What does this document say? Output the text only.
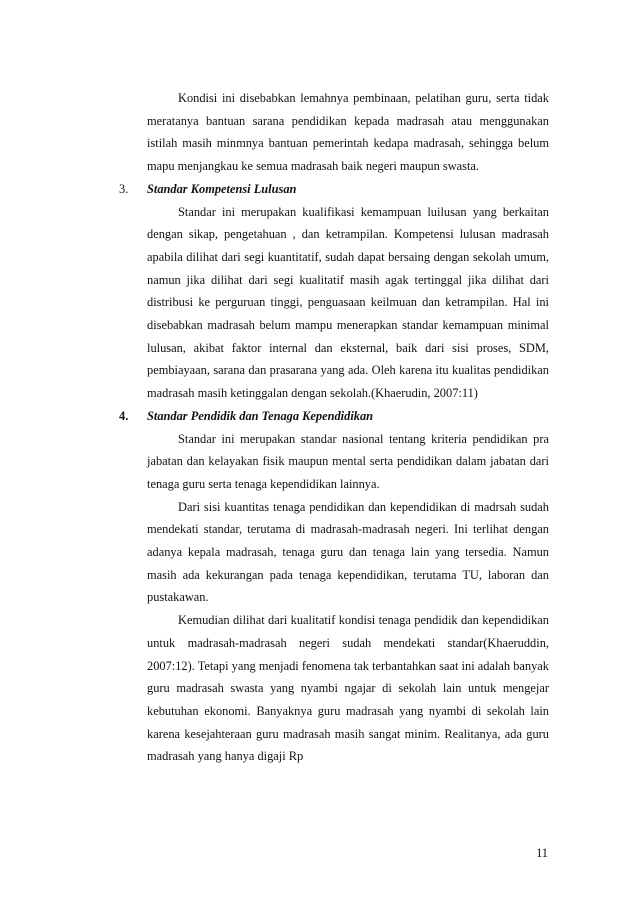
Kondisi ini disebabkan lemahnya pembinaan, pelatihan guru, serta tidak meratanya bantuan sarana pendidikan kepada madrasah atau menggunakan istilah masih minmnya bantuan pemerintah kedapa madrasah, sehingga belum mapu menjangkau ke semua madrasah baik negeri maupun swasta.

3. Standar Kompetensi Lulusan

Standar ini merupakan kualifikasi kemampuan luilusan yang berkaitan dengan sikap, pengetahuan , dan ketrampilan. Kompetensi lulusan madrasah apabila dilihat dari segi kuantitatif, sudah dapat bersaing dengan sekolah umum, namun jika dilihat dari segi kualitatif masih agak tertinggal jika dilihat dari distribusi ke perguruan tinggi, penguasaan keilmuan dan ketrampilan. Hal ini disebabkan madrasah belum mampu menerapkan standar kemampuan minimal lulusan, akibat faktor internal dan eksternal, baik dari sisi proses, SDM, pembiayaan, sarana dan prasarana yang ada. Oleh karena itu kualitas pendidikan madrasah masih ketinggalan dengan sekolah.(Khaerudin, 2007:11)

4. Standar Pendidik dan Tenaga Kependidikan

Standar ini merupakan standar nasional tentang kriteria pendidikan pra jabatan dan kelayakan fisik maupun mental serta pendidikan dalam jabatan dari tenaga guru serta tenaga kependidikan lainnya.

Dari sisi kuantitas tenaga pendidikan dan kependidikan di madrsah sudah mendekati standar, terutama di madrasah-madrasah negeri. Ini terlihat dengan adanya kepala madrasah, tenaga guru dan tenaga lain yang tersedia. Namun masih ada kekurangan pada tenaga kependidikan, terutama TU, laboran dan pustakawan.

Kemudian dilihat dari kualitatif kondisi tenaga pendidik dan kependidikan untuk madrasah-madrasah negeri sudah mendekati standar(Khaeruddin, 2007:12). Tetapi yang menjadi fenomena tak terbantahkan saat ini adalah banyak guru madrasah swasta yang nyambi ngajar di sekolah lain untuk mengejar kebutuhan ekonomi. Banyaknya guru madrasah yang nyambi di sekolah lain karena kesejahteraan guru madrasah masih sangat minim. Realitanya, ada guru madrasah yang hanya digaji Rp

11
